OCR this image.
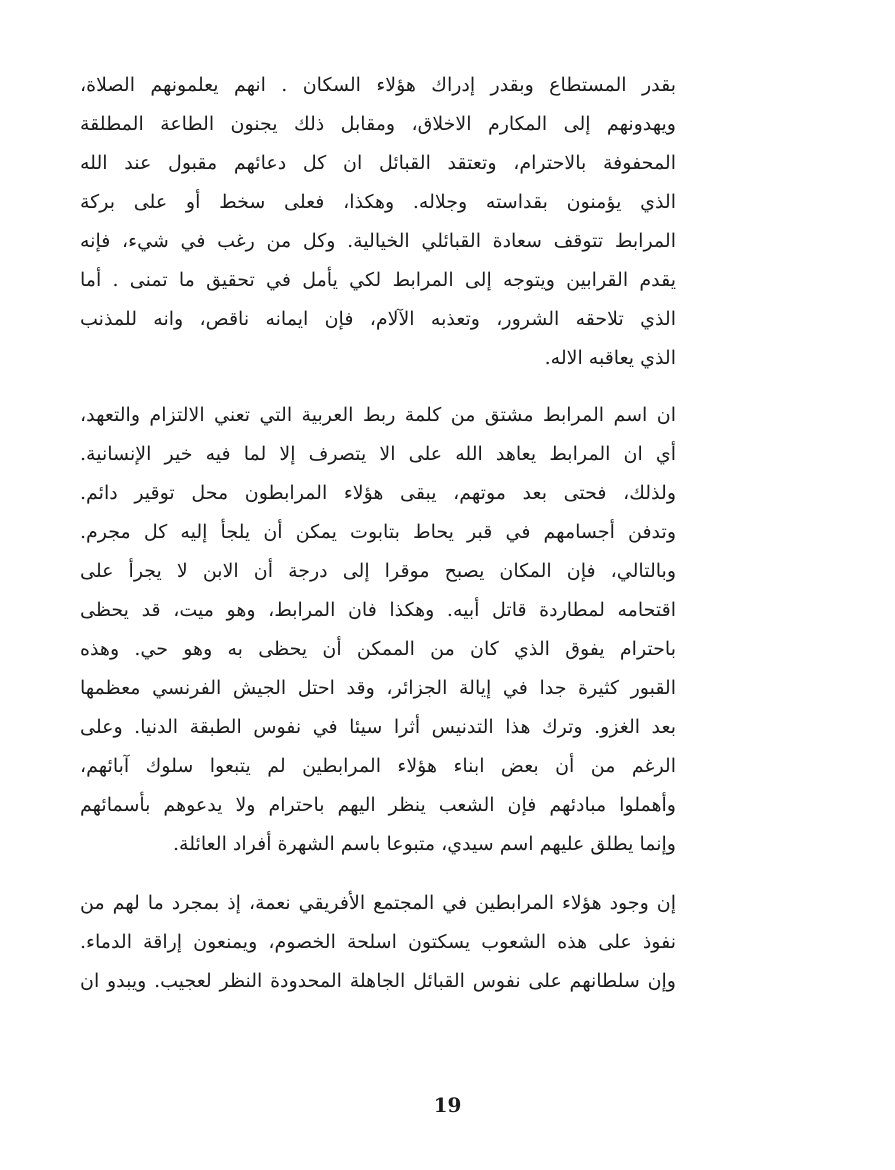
بقدر المستطاع وبقدر إدراك هؤلاء السكان . انهم يعلمونهم الصلاة،
ويهدونهم إلى المكارم الاخلاق، ومقابل ذلك يجنون الطاعة المطلقة
المحفوفة بالاحترام، وتعتقد القبائل ان كل دعائهم مقبول عند الله
الذي يؤمنون بقداسته وجلاله. وهكذا، فعلى سخط أو على بركة
المرابط تتوقف سعادة القبائلي الخيالية. وكل من رغب في شيء، فإنه
يقدم القرابين ويتوجه إلى المرابط لكي يأمل في تحقيق ما تمنى . أما
الذي تلاحقه الشرور، وتعذبه الآلام، فإن ايمانه ناقص، وانه للمذنب
الذي يعاقبه الاله.
ان اسم المرابط مشتق من كلمة ربط العربية التي تعني الالتزام والتعهد،
أي ان المرابط يعاهد الله على الا يتصرف إلا لما فيه خير الإنسانية.
ولذلك، فحتى بعد موتهم، يبقى هؤلاء المرابطون محل توقير دائم.
وتدفن أجسامهم في قبر يحاط بتابوت يمكن أن يلجأ إليه كل مجرم.
وبالتالي، فإن المكان يصبح موقرا إلى درجة أن الابن لا يجرأ على
اقتحامه لمطاردة قاتل أبيه. وهكذا فان المرابط، وهو ميت، قد يحظى
باحترام يفوق الذي كان من الممكن أن يحظى به وهو حي. وهذه
القبور كثيرة جدا في إيالة الجزائر، وقد احتل الجيش الفرنسي معظمها
بعد الغزو. وترك هذا التدنيس أثرا سيئا في نفوس الطبقة الدنيا. وعلى
الرغم من أن بعض ابناء هؤلاء المرابطين لم يتبعوا سلوك آبائهم،
وأهملوا مبادئهم فإن الشعب ينظر اليهم باحترام ولا يدعوهم بأسمائهم
وإنما يطلق عليهم اسم سيدي، متبوعا باسم الشهرة أفراد العائلة.
إن وجود هؤلاء المرابطين في المجتمع الأفريقي نعمة، إذ بمجرد ما لهم من
نفوذ على هذه الشعوب يسكتون اسلحة الخصوم، ويمنعون إراقة الدماء.
وإن سلطانهم على نفوس القبائل الجاهلة المحدودة النظر لعجيب. ويبدو ان
19
